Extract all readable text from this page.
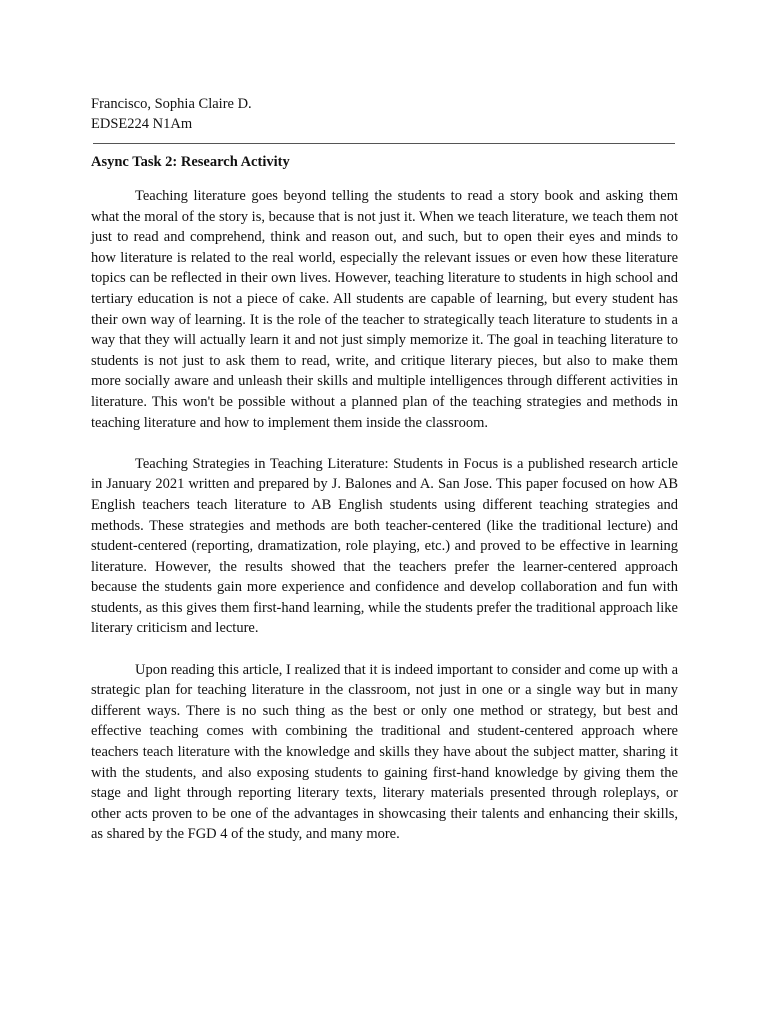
Francisco, Sophia Claire D.

EDSE224 N1Am

Async Task 2: Research Activity

Teaching literature goes beyond telling the students to read a story book and asking them what the moral of the story is, because that is not just it. When we teach literature, we teach them not just to read and comprehend, think and reason out, and such, but to open their eyes and minds to how literature is related to the real world, especially the relevant issues or even how these literature topics can be reflected in their own lives. However, teaching literature to students in high school and tertiary education is not a piece of cake. All students are capable of learning, but every student has their own way of learning. It is the role of the teacher to strategically teach literature to students in a way that they will actually learn it and not just simply memorize it. The goal in teaching literature to students is not just to ask them to read, write, and critique literary pieces, but also to make them more socially aware and unleash their skills and multiple intelligences through different activities in literature. This won't be possible without a planned plan of the teaching strategies and methods in teaching literature and how to implement them inside the classroom.

Teaching Strategies in Teaching Literature: Students in Focus is a published research article in January 2021 written and prepared by J. Balones and A. San Jose. This paper focused on how AB English teachers teach literature to AB English students using different teaching strategies and methods. These strategies and methods are both teacher-centered (like the traditional lecture) and student-centered (reporting, dramatization, role playing, etc.) and proved to be effective in learning literature. However, the results showed that the teachers prefer the learner-centered approach because the students gain more experience and confidence and develop collaboration and fun with students, as this gives them first-hand learning, while the students prefer the traditional approach like literary criticism and lecture.

Upon reading this article, I realized that it is indeed important to consider and come up with a strategic plan for teaching literature in the classroom, not just in one or a single way but in many different ways. There is no such thing as the best or only one method or strategy, but best and effective teaching comes with combining the traditional and student-centered approach where teachers teach literature with the knowledge and skills they have about the subject matter, sharing it with the students, and also exposing students to gaining first-hand knowledge by giving them the stage and light through reporting literary texts, literary materials presented through roleplays, or other acts proven to be one of the advantages in showcasing their talents and enhancing their skills, as shared by the FGD 4 of the study, and many more.
